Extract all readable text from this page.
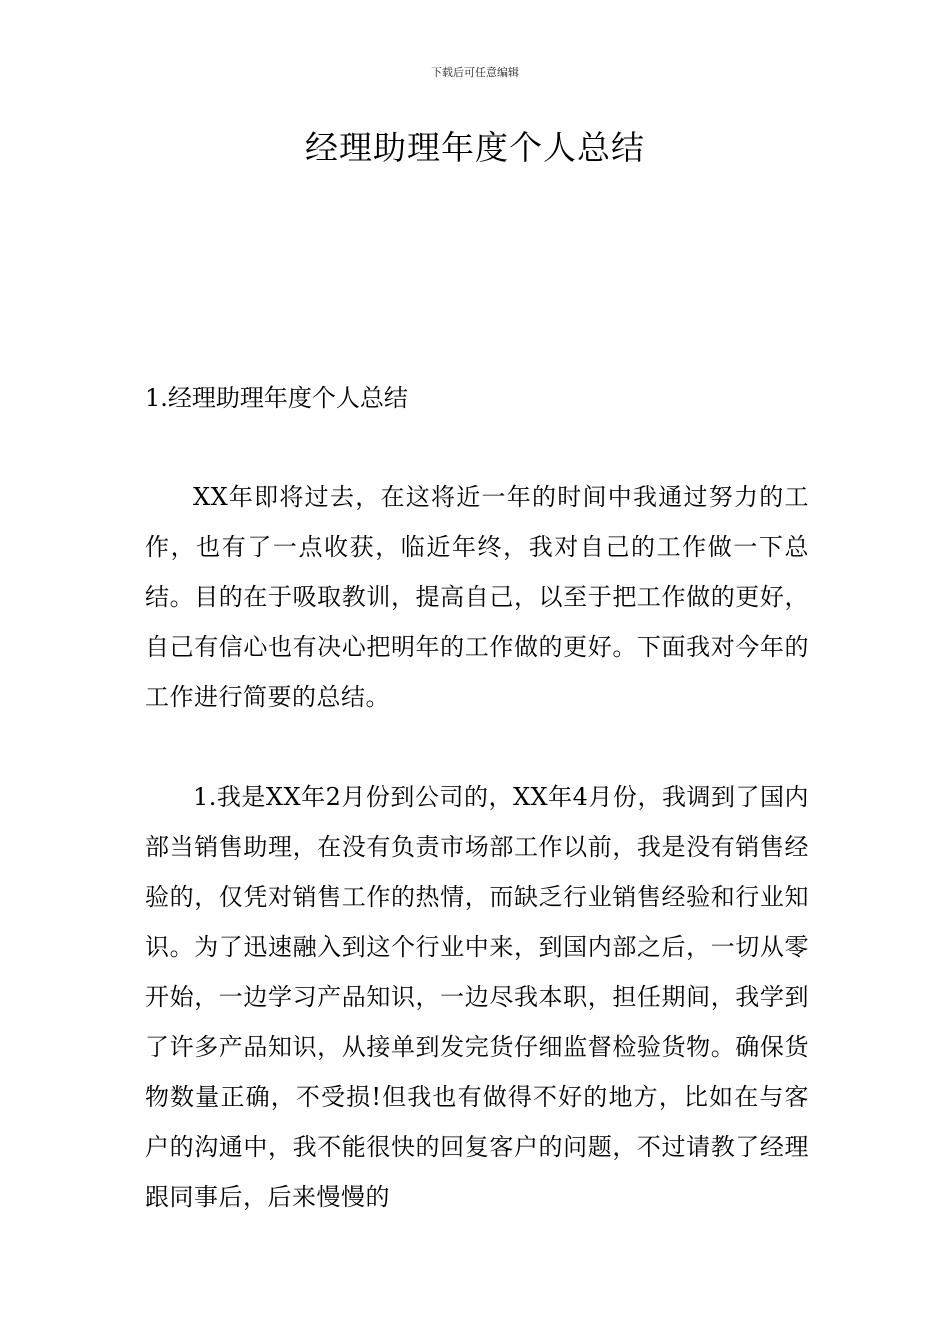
下载后可任意编辑
经理助理年度个人总结
1.经理助理年度个人总结

XX年即将过去，在这将近一年的时间中我通过努力的工作，也有了一点收获，临近年终，我对自己的工作做一下总结。目的在于吸取教训，提高自己，以至于把工作做的更好，自己有信心也有决心把明年的工作做的更好。下面我对今年的工作进行简要的总结。

1.我是XX年2月份到公司的，XX年4月份，我调到了国内部当销售助理，在没有负责市场部工作以前，我是没有销售经验的，仅凭对销售工作的热情，而缺乏行业销售经验和行业知识。为了迅速融入到这个行业中来，到国内部之后，一切从零开始，一边学习产品知识，一边尽我本职，担任期间，我学到了许多产品知识，从接单到发完货仔细监督检验货物。确保货物数量正确，不受损!但我也有做得不好的地方，比如在与客户的沟通中，我不能很快的回复客户的问题，不过请教了经理跟同事后，后来慢慢的
